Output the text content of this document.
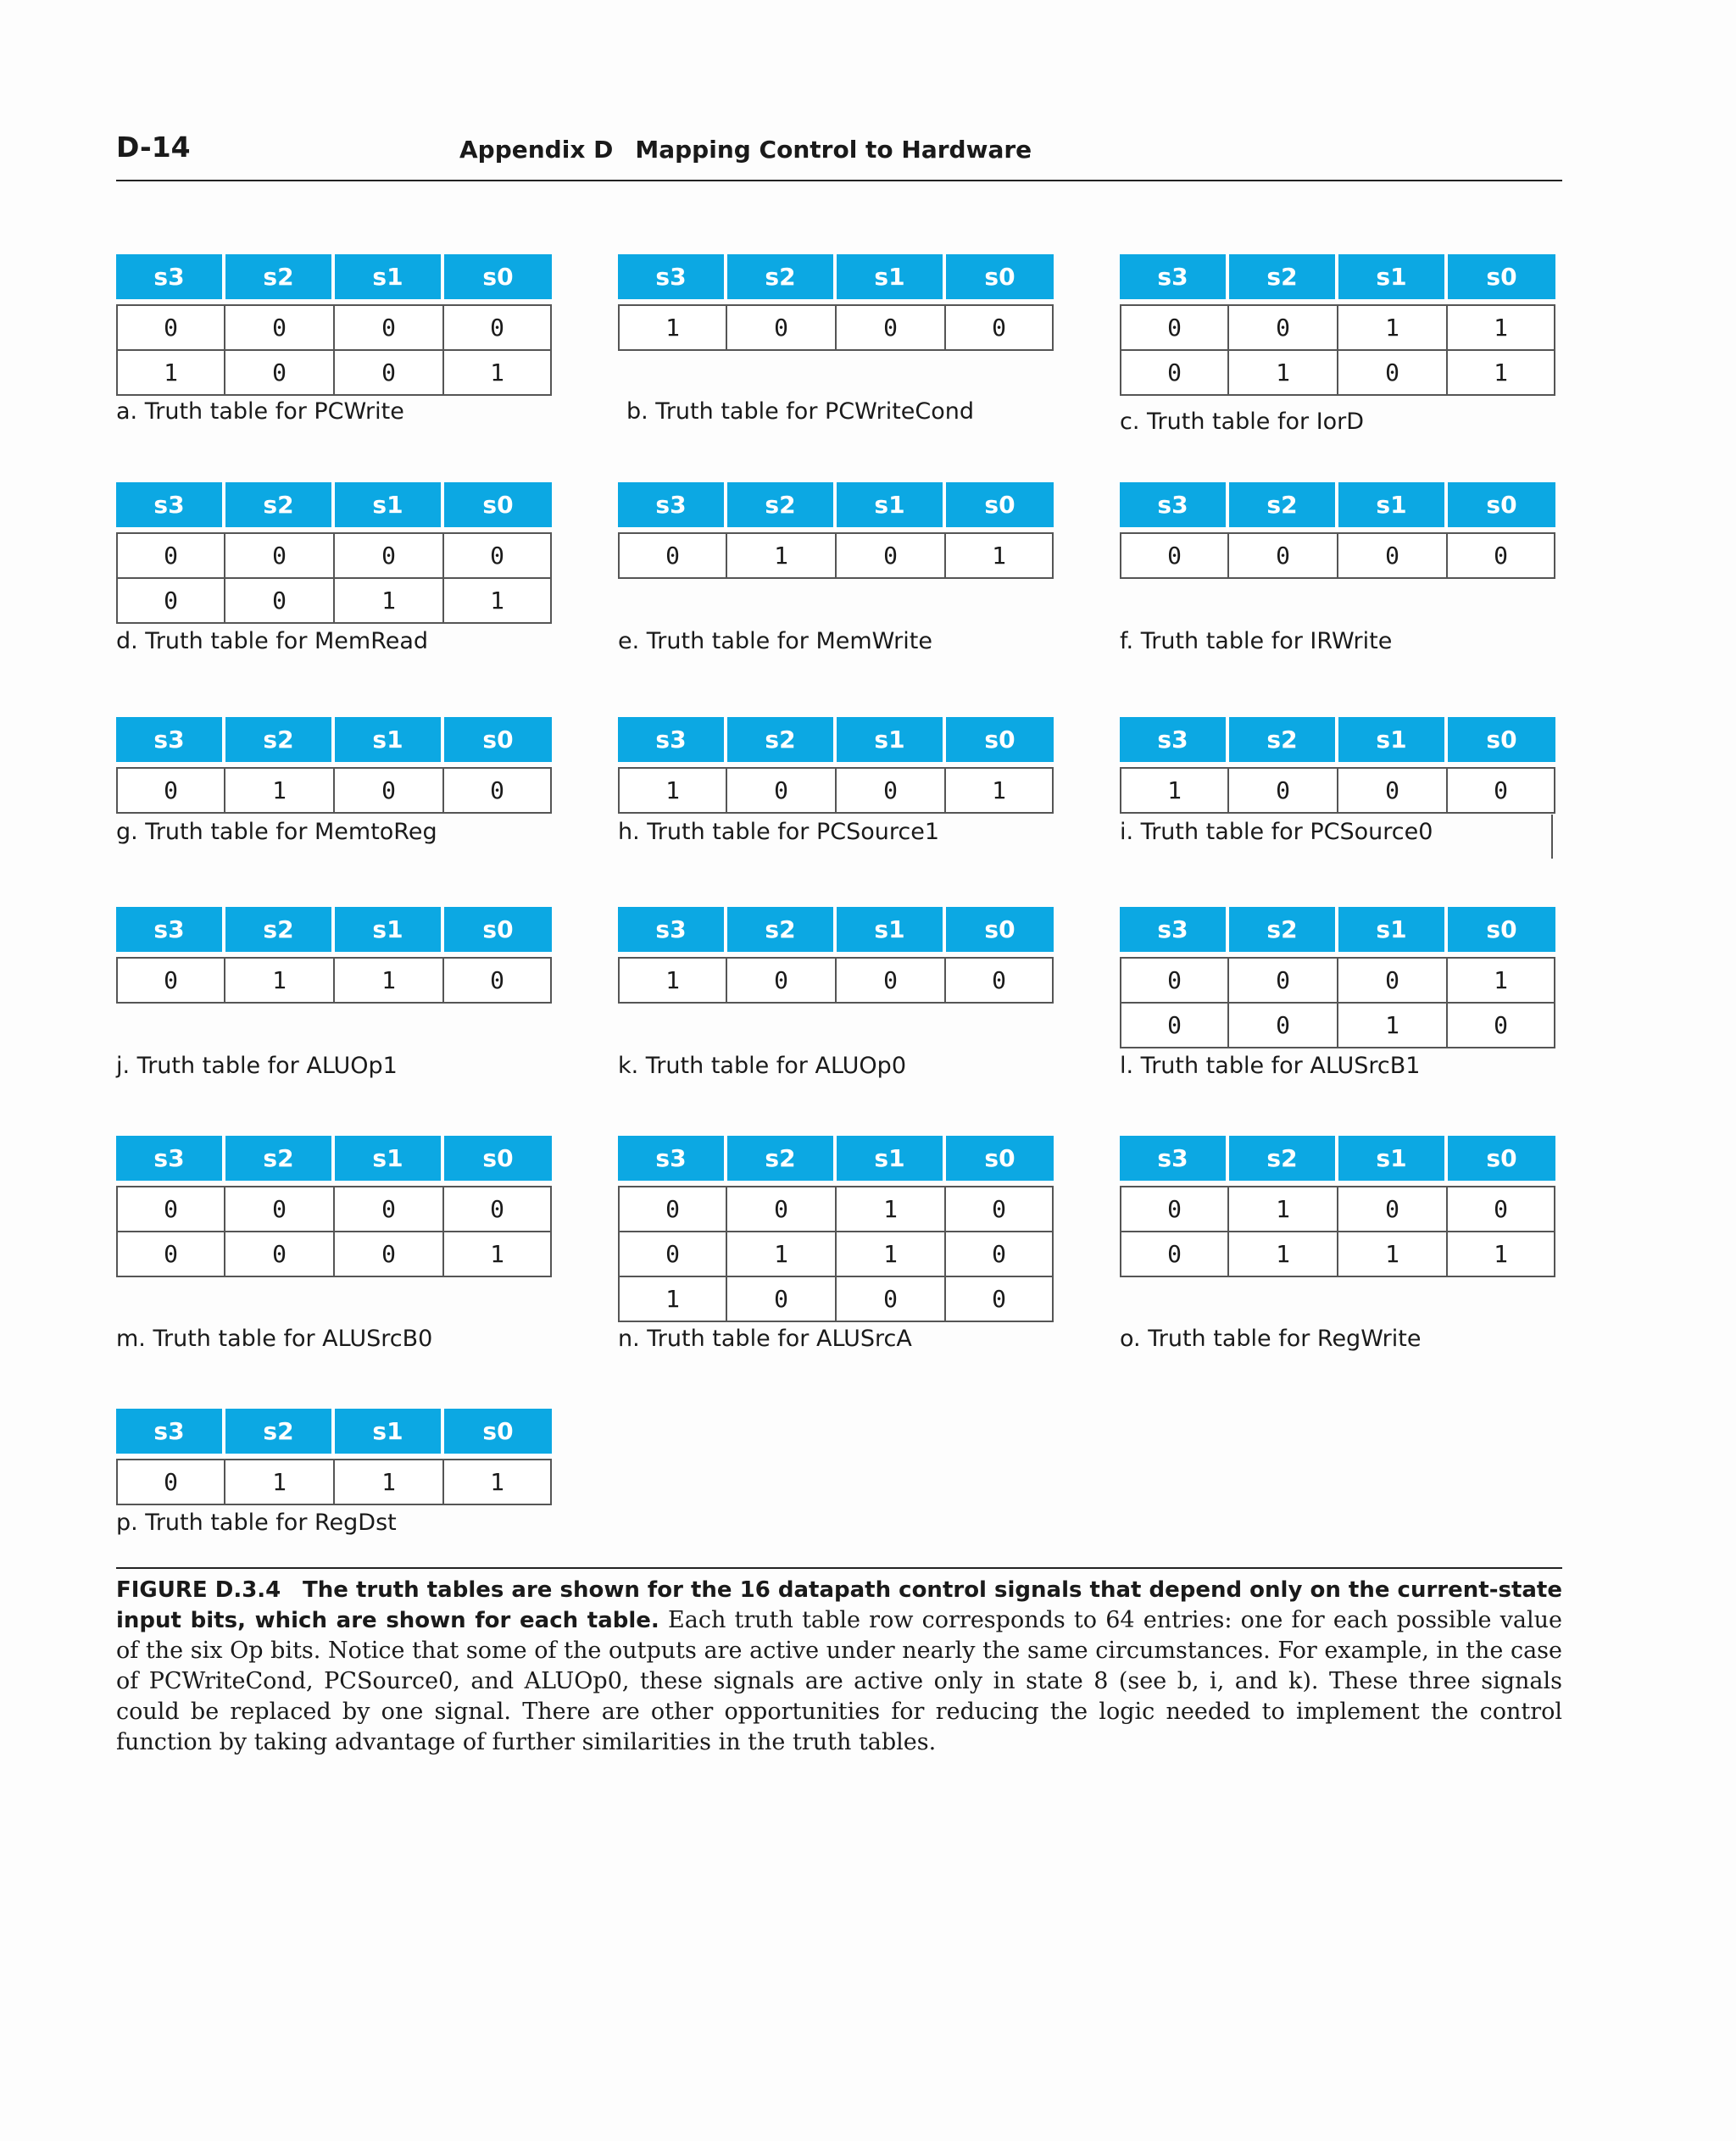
D-14	Appendix D Mapping Control to Hardware
s3	s2	s1	s0
0	0	0	0
1	0	0	1
a. Truth table for PCWrite
s3	s2	s1	s0
1	0	0	0
b. Truth table for PCWriteCond
s3	s2	s1	s0
0	0	1	1
0	1	0	1
c. Truth table for IorD
s3	s2	s1	s0
0	0	0	0
0	0	1	1
d. Truth table for MemRead
s3	s2	s1	s0
0	1	0	1
e. Truth table for MemWrite
s3	s2	s1	s0
0	0	0	0
f. Truth table for IRWrite
s3	s2	s1	s0
0	1	0	0
g. Truth table for MemtoReg
s3	s2	s1	s0
1	0	0	1
h. Truth table for PCSource1
s3	s2	s1	s0
1	0	0	0
i. Truth table for PCSource0
s3	s2	s1	s0
0	1	1	0
j. Truth table for ALUOp1
s3	s2	s1	s0
1	0	0	0
k. Truth table for ALUOp0
s3	s2	s1	s0
0	0	0	1
0	0	1	0
l. Truth table for ALUSrcB1
s3	s2	s1	s0
0	0	0	0
0	0	0	1
m. Truth table for ALUSrcB0
s3	s2	s1	s0
0	0	1	0
0	1	1	0
1	0	0	0
n. Truth table for ALUSrcA
s3	s2	s1	s0
0	1	0	0
0	1	1	1
o. Truth table for RegWrite
s3	s2	s1	s0
0	1	1	1
p. Truth table for RegDst
FIGURE D.3.4 The truth tables are shown for the 16 datapath control signals that depend only on the current-state input bits, which are shown for each table. Each truth table row corresponds to 64 entries: one for each possible value of the six Op bits. Notice that some of the outputs are active under nearly the same circumstances. For example, in the case of PCWriteCond, PCSource0, and ALUOp0, these signals are active only in state 8 (see b, i, and k). These three signals could be replaced by one signal. There are other opportunities for reducing the logic needed to implement the control function by taking advantage of further similarities in the truth tables.
